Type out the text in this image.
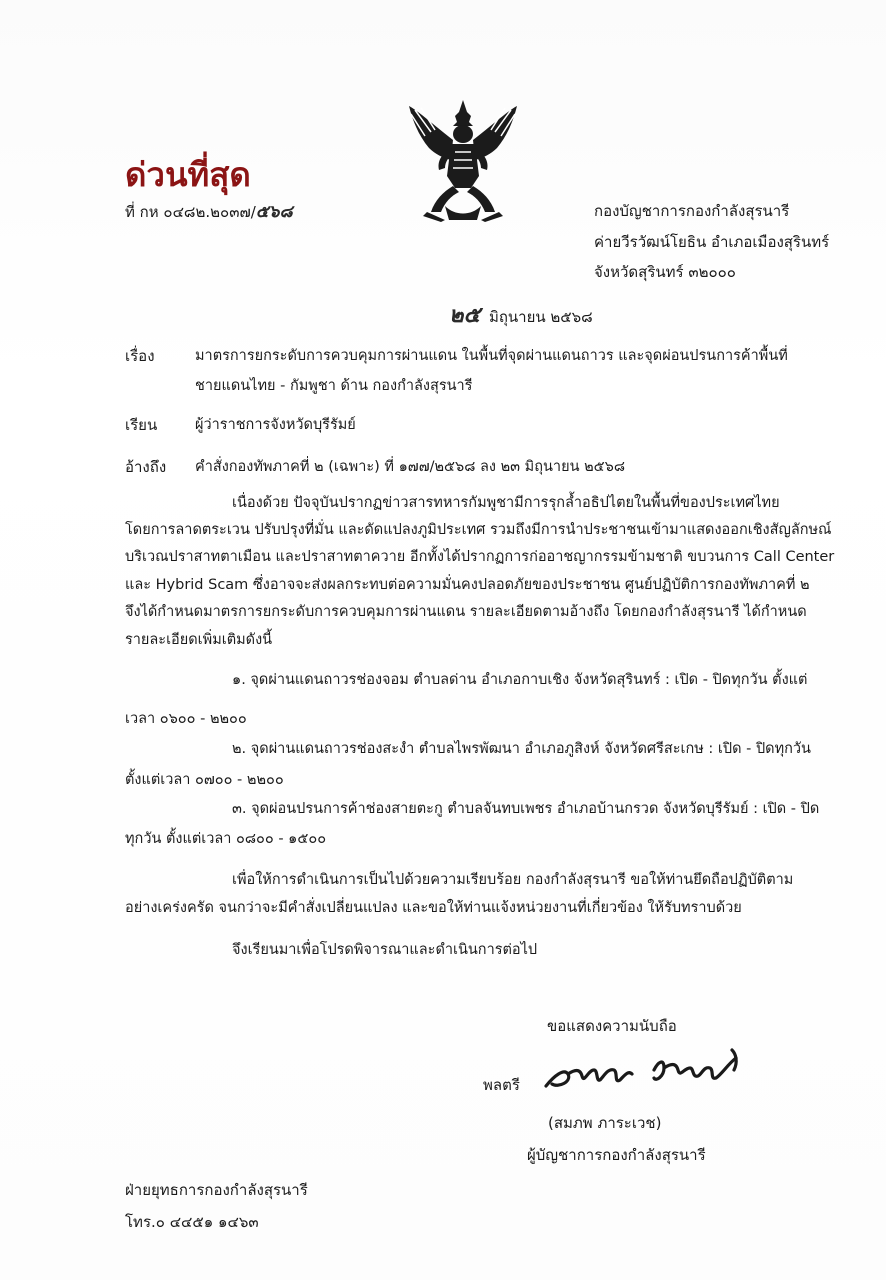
ด่วนที่สุด
ที่ กห ๐๔๘๒.๒๐๓๗/๕๖๘	กองบัญชาการกองกำลังสุรนารี
ค่ายวีรวัฒน์โยธิน อำเภอเมืองสุรินทร์
จังหวัดสุรินทร์ ๓๒๐๐๐
๒๕ มิถุนายน ๒๕๖๘
เรื่อง	มาตรการยกระดับการควบคุมการผ่านแดน ในพื้นที่จุดผ่านแดนถาวร และจุดผ่อนปรนการค้าพื้นที่
ชายแดนไทย - กัมพูชา ด้าน กองกำลังสุรนารี
เรียน	ผู้ว่าราชการจังหวัดบุรีรัมย์
อ้างถึง คำสั่งกองทัพภาคที่ ๒ (เฉพาะ) ที่ ๑๗๗/๒๕๖๘ ลง ๒๓ มิถุนายน ๒๕๖๘
เนื่องด้วย ปัจจุบันปรากฏข่าวสารทหารกัมพูชามีการรุกล้ำอธิปไตยในพื้นที่ของประเทศไทย
โดยการลาดตระเวน ปรับปรุงที่มั่น และดัดแปลงภูมิประเทศ รวมถึงมีการนำประชาชนเข้ามาแสดงออกเชิงสัญลักษณ์
บริเวณปราสาทตาเมือน และปราสาทตาควาย อีกทั้งได้ปรากฏการก่ออาชญากรรมข้ามชาติ ขบวนการ Call Center
และ Hybrid Scam ซึ่งอาจจะส่งผลกระทบต่อความมั่นคงปลอดภัยของประชาชน ศูนย์ปฏิบัติการกองทัพภาคที่ ๒
จึงได้กำหนดมาตรการยกระดับการควบคุมการผ่านแดน รายละเอียดตามอ้างถึง โดยกองกำลังสุรนารี ได้กำหนด
รายละเอียดเพิ่มเติมดังนี้
๑. จุดผ่านแดนถาวรช่องจอม ตำบลด่าน อำเภอกาบเชิง จังหวัดสุรินทร์ : เปิด - ปิดทุกวัน ตั้งแต่
เวลา ๐๖๐๐ - ๒๒๐๐
๒. จุดผ่านแดนถาวรช่องสะงำ ตำบลไพรพัฒนา อำเภอภูสิงห์ จังหวัดศรีสะเกษ : เปิด - ปิดทุกวัน
ตั้งแต่เวลา ๐๗๐๐ - ๒๒๐๐
๓. จุดผ่อนปรนการค้าช่องสายตะกู ตำบลจันทบเพชร อำเภอบ้านกรวด จังหวัดบุรีรัมย์ : เปิด - ปิด
ทุกวัน ตั้งแต่เวลา ๐๘๐๐ - ๑๕๐๐
เพื่อให้การดำเนินการเป็นไปด้วยความเรียบร้อย กองกำลังสุรนารี ขอให้ท่านยึดถือปฏิบัติตาม
อย่างเคร่งครัด จนกว่าจะมีคำสั่งเปลี่ยนแปลง และขอให้ท่านแจ้งหน่วยงานที่เกี่ยวข้อง ให้รับทราบด้วย
จึงเรียนมาเพื่อโปรดพิจารณาและดำเนินการต่อไป
ขอแสดงความนับถือ
พลตรี
(สมภพ ภาระเวช)
ผู้บัญชาการกองกำลังสุรนารี
ฝ่ายยุทธการกองกำลังสุรนารี
โทร.๐ ๔๔๕๑ ๑๔๖๓
